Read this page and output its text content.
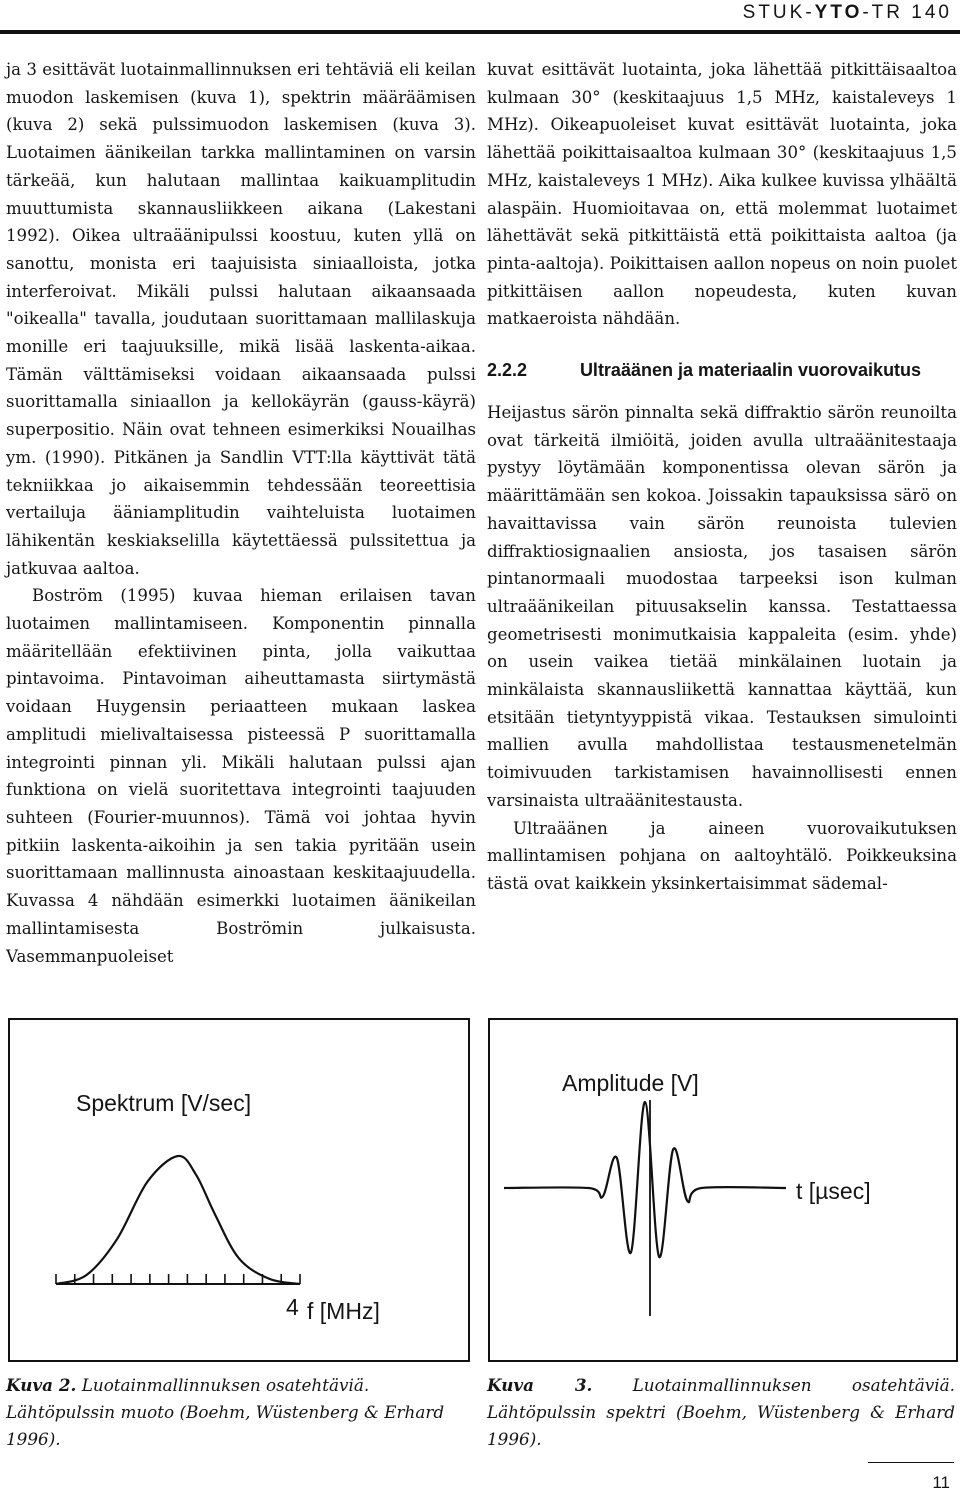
STUK-YTO-TR 140

ja 3 esittävät luotainmallinnuksen eri tehtäviä eli keilan muodon laskemisen (kuva 1), spektrin määräämisen (kuva 2) sekä pulssimuodon laskemisen (kuva 3). Luotaimen äänikeilan tarkka mallintaminen on varsin tärkeää, kun halutaan mallintaa kaikuamplitudin muuttumista skannausliikkeen aikana (Lakestani 1992). Oikea ultraäänipulssi koostuu, kuten yllä on sanottu, monista eri taajuisista siniaalloista, jotka interferoivat. Mikäli pulssi halutaan aikaansaada "oikealla" tavalla, joudutaan suorittamaan mallilaskuja monille eri taajuuksille, mikä lisää laskenta-aikaa. Tämän välttämiseksi voidaan aikaansaada pulssi suorittamalla siniaallon ja kellokäyrän (gauss-käyrä) superpositio. Näin ovat tehneen esimerkiksi Nouailhas ym. (1990). Pitkänen ja Sandlin VTT:lla käyttivät tätä tekniikkaa jo aikaisemmin tehdessään teoreettisia vertailuja ääniamplitudin vaihteluista luotaimen lähikentän keskiakselilla käytettäessä pulssitettua ja jatkuvaa aaltoa.

Boström (1995) kuvaa hieman erilaisen tavan luotaimen mallintamiseen. Komponentin pinnalla määritellään efektiivinen pinta, jolla vaikuttaa pintavoima. Pintavoiman aiheuttamasta siirtymästä voidaan Huygensin periaatteen mukaan laskea amplitudi mielivaltaisessa pisteessä P suorittamalla integrointi pinnan yli. Mikäli halutaan pulssi ajan funktiona on vielä suoritettava integrointi taajuuden suhteen (Fourier-muunnos). Tämä voi johtaa hyvin pitkiin laskenta-aikoihin ja sen takia pyritään usein suorittamaan mallinnusta ainoastaan keskitaajuudella. Kuvassa 4 nähdään esimerkki luotaimen äänikeilan mallintamisesta Boströmin julkaisusta. Vasemmanpuoleiset

kuvat esittävät luotainta, joka lähettää pitkittäisaaltoa kulmaan 30° (keskitaajuus 1,5 MHz, kaistaleveys 1 MHz). Oikeapuoleiset kuvat esittävät luotainta, joka lähettää poikittaisaaltoa kulmaan 30° (keskitaajuus 1,5 MHz, kaistaleveys 1 MHz). Aika kulkee kuvissa ylhäältä alaspäin. Huomioitavaa on, että molemmat luotaimet lähettävät sekä pitkittäistä että poikittaista aaltoa (ja pinta-aaltoja). Poikittaisen aallon nopeus on noin puolet pitkittäisen aallon nopeudesta, kuten kuvan matkaeroista nähdään.

2.2.2	Ultraäänen ja materiaalin vuorovaikutus

Heijastus särön pinnalta sekä diffraktio särön reunoilta ovat tärkeitä ilmiöitä, joiden avulla ultraäänitestaaja pystyy löytämään komponentissa olevan särön ja määrittämään sen kokoa. Joissakin tapauksissa särö on havaittavissa vain särön reunoista tulevien diffraktiosignaalien ansiosta, jos tasaisen särön pintanormaali muodostaa tarpeeksi ison kulman ultraäänikeilan pituusakselin kanssa. Testattaessa geometrisesti monimutkaisia kappaleita (esim. yhde) on usein vaikea tietää minkälainen luotain ja minkälaista skannausliikettä kannattaa käyttää, kun etsitään tietyntyyppistä vikaa. Testauksen simulointi mallien avulla mahdollistaa testausmenetelmän toimivuuden tarkistamisen havainnollisesti ennen varsinaista ultraäänitestausta.

Ultraäänen ja aineen vuorovaikutuksen mallintamisen pohjana on aaltoyhtälö. Poikkeuksina tästä ovat kaikkein yksinkertaisimmat sädemal-

Spektrum [V/sec]
4 f [MHz]
Amplitude [V]
t [µsec]
Kuva 2. Luotainmallinnuksen osatehtäviä. Lähtöpulssin muoto (Boehm, Wüstenberg & Erhard 1996).
Kuva 3. Luotainmallinnuksen osatehtäviä. Lähtöpulssin spektri (Boehm, Wüstenberg & Erhard 1996).
11
